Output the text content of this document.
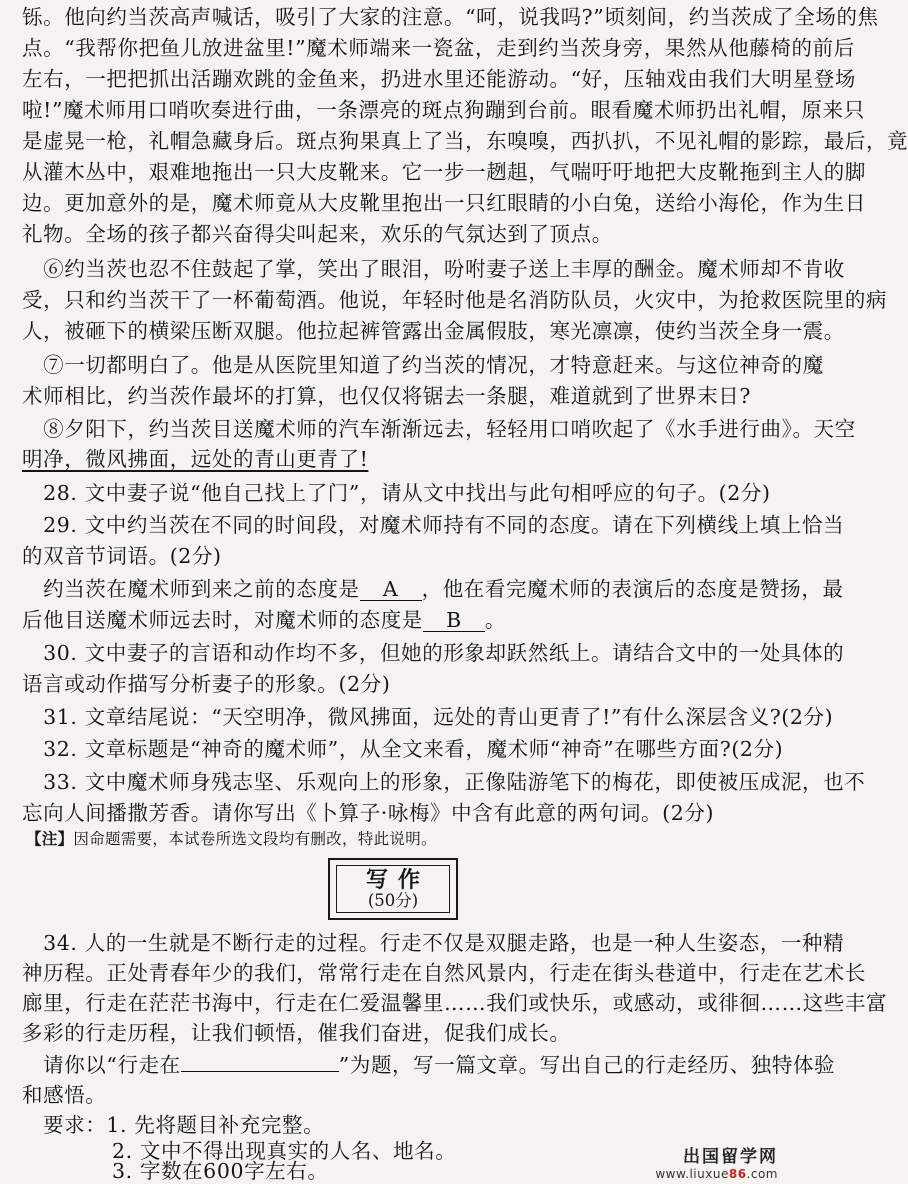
铄。他向约当茨高声喊话，吸引了大家的注意。“呵，说我吗?”顷刻间，约当茨成了全场的焦
点。“我帮你把鱼儿放进盆里!”魔术师端来一瓷盆，走到约当茨身旁，果然从他藤椅的前后
左右，一把把抓出活蹦欢跳的金鱼来，扔进水里还能游动。“好，压轴戏由我们大明星登场
啦!”魔术师用口哨吹奏进行曲，一条漂亮的斑点狗蹦到台前。眼看魔术师扔出礼帽，原来只
是虚晃一枪，礼帽急藏身后。斑点狗果真上了当，东嗅嗅，西扒扒，不见礼帽的影踪，最后，竟
从灌木丛中，艰难地拖出一只大皮靴来。它一步一趔趄，气喘吁吁地把大皮靴拖到主人的脚
边。更加意外的是，魔术师竟从大皮靴里抱出一只红眼睛的小白兔，送给小海伦，作为生日
礼物。全场的孩子都兴奋得尖叫起来，欢乐的气氛达到了顶点。
　⑥约当茨也忍不住鼓起了掌，笑出了眼泪，吩咐妻子送上丰厚的酬金。魔术师却不肯收
受，只和约当茨干了一杯葡萄酒。他说，年轻时他是名消防队员，火灾中，为抢救医院里的病
人，被砸下的横梁压断双腿。他拉起裤管露出金属假肢，寒光凛凛，使约当茨全身一震。
　⑦一切都明白了。他是从医院里知道了约当茨的情况，才特意赶来。与这位神奇的魔
术师相比，约当茨作最坏的打算，也仅仅将锯去一条腿，难道就到了世界末日?
　⑧夕阳下，约当茨目送魔术师的汽车渐渐远去，轻轻用口哨吹起了《水手进行曲》。天空
明净，微风拂面，远处的青山更青了!
　28. 文中妻子说“他自己找上了门”，请从文中找出与此句相呼应的句子。(2分)
　29. 文中约当茨在不同的时间段，对魔术师持有不同的态度。请在下列横线上填上恰当
的双音节词语。(2分)
　约当茨在魔术师到来之前的态度是 A ，他在看完魔术师的表演后的态度是赞扬，最
后他目送魔术师远去时，对魔术师的态度是 B 。
　30. 文中妻子的言语和动作均不多，但她的形象却跃然纸上。请结合文中的一处具体的
语言或动作描写分析妻子的形象。(2分)
　31. 文章结尾说：“天空明净，微风拂面，远处的青山更青了!”有什么深层含义?(2分)
　32. 文章标题是“神奇的魔术师”，从全文来看，魔术师“神奇”在哪些方面?(2分)
　33. 文中魔术师身残志坚、乐观向上的形象，正像陆游笔下的梅花，即使被压成泥，也不
忘向人间播撒芳香。请你写出《卜算子·咏梅》中含有此意的两句词。(2分)
【注】因命题需要，本试卷所选文段均有删改，特此说明。
写作
(50分)
　34. 人的一生就是不断行走的过程。行走不仅是双腿走路，也是一种人生姿态，一种精
神历程。正处青春年少的我们，常常行走在自然风景内，行走在街头巷道中，行走在艺术长
廊里，行走在茫茫书海中，行走在仁爱温馨里……我们或快乐，或感动，或徘徊……这些丰富
多彩的行走历程，让我们顿悟，催我们奋进，促我们成长。
　请你以“行走在	”为题，写一篇文章。写出自己的行走经历、独特体验
和感悟。
　要求：1. 先将题目补充完整。
2. 文中不得出现真实的人名、地名。
3. 字数在600字左右。
出国留学网
www.liuxue86.com
